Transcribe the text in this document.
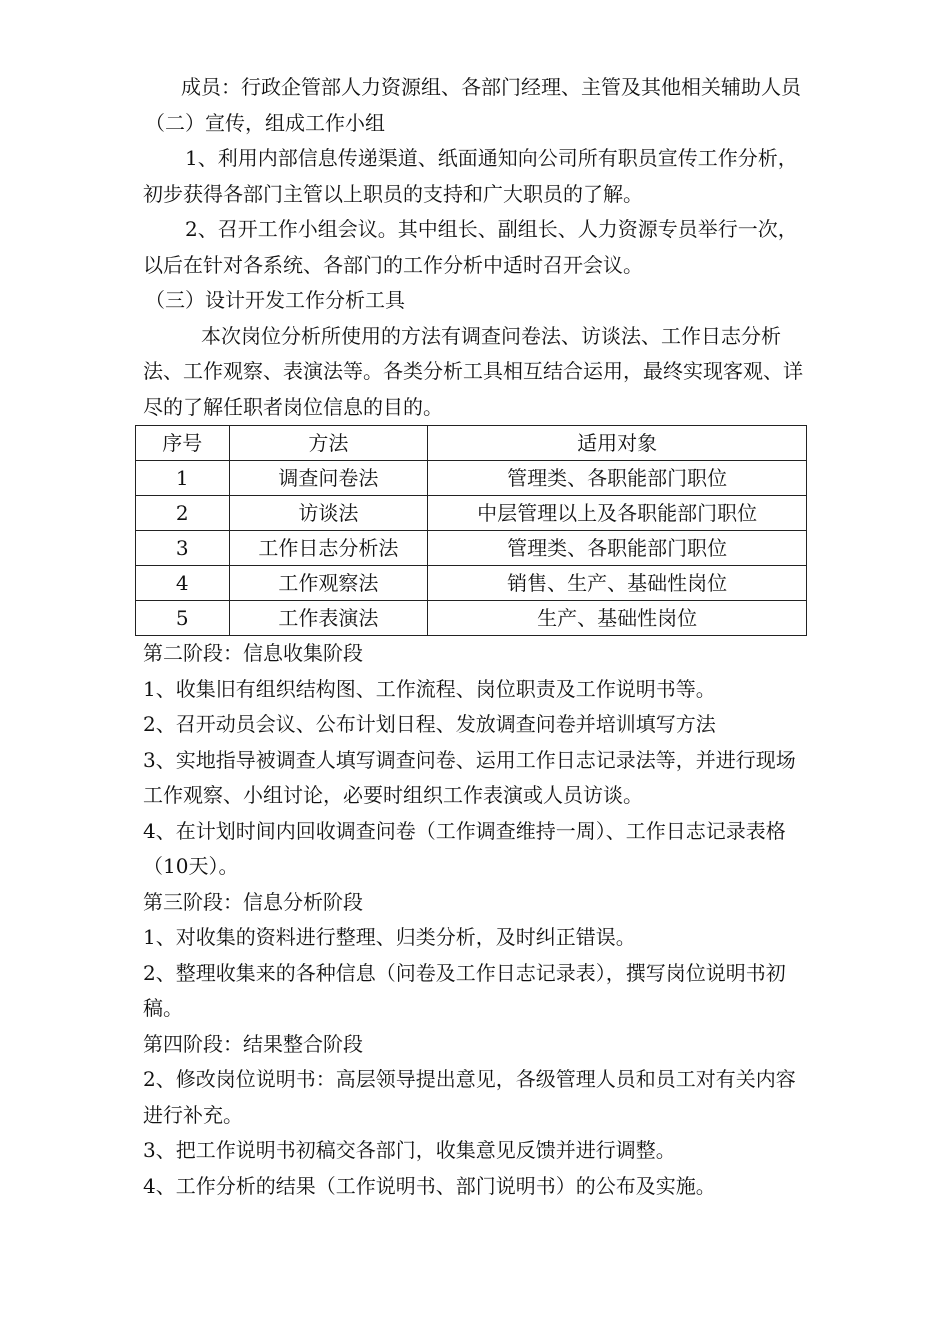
成员：行政企管部人力资源组、各部门经理、主管及其他相关辅助人员

（二）宣传，组成工作小组

1、利用内部信息传递渠道、纸面通知向公司所有职员宣传工作分析，初步获得各部门主管以上职员的支持和广大职员的了解。

2、召开工作小组会议。其中组长、副组长、人力资源专员举行一次，以后在针对各系统、各部门的工作分析中适时召开会议。

（三）设计开发工作分析工具

本次岗位分析所使用的方法有调查问卷法、访谈法、工作日志分析法、工作观察、表演法等。各类分析工具相互结合运用，最终实现客观、详尽的了解任职者岗位信息的目的。

序号	方法	适用对象
1	调查问卷法	管理类、各职能部门职位
2	访谈法	中层管理以上及各职能部门职位
3	工作日志分析法	管理类、各职能部门职位
4	工作观察法	销售、生产、基础性岗位
5	工作表演法	生产、基础性岗位

第二阶段：信息收集阶段

1、收集旧有组织结构图、工作流程、岗位职责及工作说明书等。

2、召开动员会议、公布计划日程、发放调查问卷并培训填写方法

3、实地指导被调查人填写调查问卷、运用工作日志记录法等，并进行现场工作观察、小组讨论，必要时组织工作表演或人员访谈。

4、在计划时间内回收调查问卷（工作调查维持一周）、工作日志记录表格（10天）。

第三阶段：信息分析阶段

1、对收集的资料进行整理、归类分析，及时纠正错误。

2、整理收集来的各种信息（问卷及工作日志记录表），撰写岗位说明书初稿。

第四阶段：结果整合阶段

2、修改岗位说明书：高层领导提出意见，各级管理人员和员工对有关内容进行补充。

3、把工作说明书初稿交各部门，收集意见反馈并进行调整。

4、工作分析的结果（工作说明书、部门说明书）的公布及实施。
